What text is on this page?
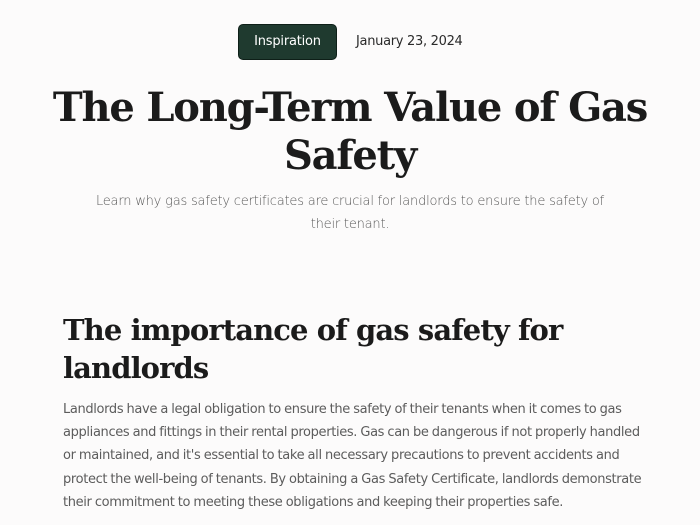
Inspiration	January 23, 2024
The Long-Term Value of Gas Safety

Learn why gas safety certificates are crucial for landlords to ensure the safety of their tenant.

The importance of gas safety for landlords

Landlords have a legal obligation to ensure the safety of their tenants when it comes to gas appliances and fittings in their rental properties. Gas can be dangerous if not properly handled or maintained, and it's essential to take all necessary precautions to prevent accidents and protect the well-being of tenants. By obtaining a Gas Safety Certificate, landlords demonstrate their commitment to meeting these obligations and keeping their properties safe.
